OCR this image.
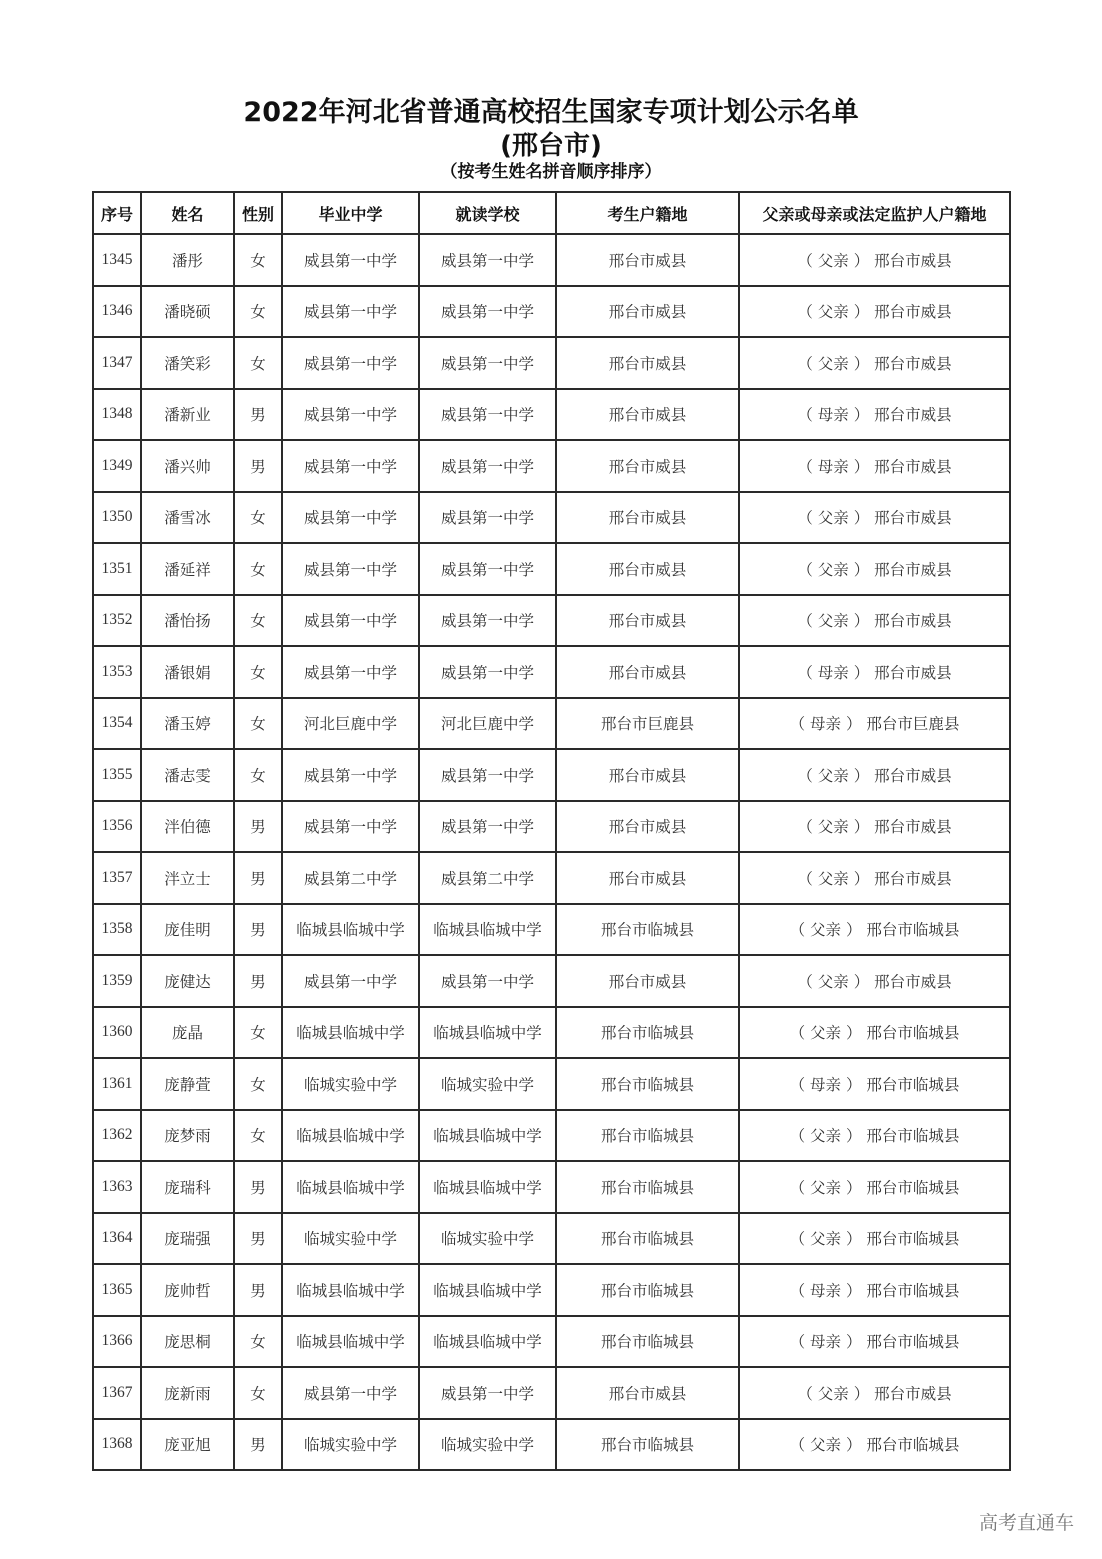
2022年河北省普通高校招生国家专项计划公示名单
(邢台市)
（按考生姓名拼音顺序排序）
序号	姓名	性别	毕业中学	就读学校	考生户籍地	父亲或母亲或法定监护人户籍地
1345	潘彤	女	威县第一中学	威县第一中学	邢台市威县	（ 父亲 ） 邢台市威县
1346	潘晓硕	女	威县第一中学	威县第一中学	邢台市威县	（ 父亲 ） 邢台市威县
1347	潘笑彩	女	威县第一中学	威县第一中学	邢台市威县	（ 父亲 ） 邢台市威县
1348	潘新业	男	威县第一中学	威县第一中学	邢台市威县	（ 母亲 ） 邢台市威县
1349	潘兴帅	男	威县第一中学	威县第一中学	邢台市威县	（ 母亲 ） 邢台市威县
1350	潘雪冰	女	威县第一中学	威县第一中学	邢台市威县	（ 父亲 ） 邢台市威县
1351	潘延祥	女	威县第一中学	威县第一中学	邢台市威县	（ 父亲 ） 邢台市威县
1352	潘怡扬	女	威县第一中学	威县第一中学	邢台市威县	（ 父亲 ） 邢台市威县
1353	潘银娟	女	威县第一中学	威县第一中学	邢台市威县	（ 母亲 ） 邢台市威县
1354	潘玉婷	女	河北巨鹿中学	河北巨鹿中学	邢台市巨鹿县	（ 母亲 ） 邢台市巨鹿县
1355	潘志雯	女	威县第一中学	威县第一中学	邢台市威县	（ 父亲 ） 邢台市威县
1356	泮伯德	男	威县第一中学	威县第一中学	邢台市威县	（ 父亲 ） 邢台市威县
1357	泮立士	男	威县第二中学	威县第二中学	邢台市威县	（ 父亲 ） 邢台市威县
1358	庞佳明	男	临城县临城中学	临城县临城中学	邢台市临城县	（ 父亲 ） 邢台市临城县
1359	庞健达	男	威县第一中学	威县第一中学	邢台市威县	（ 父亲 ） 邢台市威县
1360	庞晶	女	临城县临城中学	临城县临城中学	邢台市临城县	（ 父亲 ） 邢台市临城县
1361	庞静萱	女	临城实验中学	临城实验中学	邢台市临城县	（ 母亲 ） 邢台市临城县
1362	庞梦雨	女	临城县临城中学	临城县临城中学	邢台市临城县	（ 父亲 ） 邢台市临城县
1363	庞瑞科	男	临城县临城中学	临城县临城中学	邢台市临城县	（ 父亲 ） 邢台市临城县
1364	庞瑞强	男	临城实验中学	临城实验中学	邢台市临城县	（ 父亲 ） 邢台市临城县
1365	庞帅哲	男	临城县临城中学	临城县临城中学	邢台市临城县	（ 母亲 ） 邢台市临城县
1366	庞思桐	女	临城县临城中学	临城县临城中学	邢台市临城县	（ 母亲 ） 邢台市临城县
1367	庞新雨	女	威县第一中学	威县第一中学	邢台市威县	（ 父亲 ） 邢台市威县
1368	庞亚旭	男	临城实验中学	临城实验中学	邢台市临城县	（ 父亲 ） 邢台市临城县
高考直通车
